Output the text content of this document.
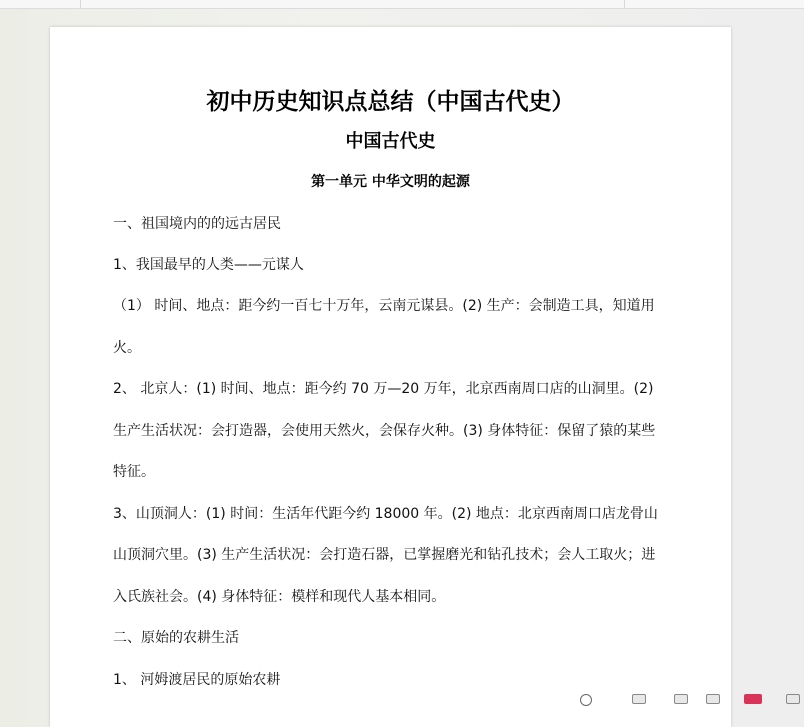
初中历史知识点总结（中国古代史）
中国古代史
第一单元 中华文明的起源
一、祖国境内的的远古居民
1、我国最早的人类——元谋人
（1） 时间、地点：距今约一百七十万年，云南元谋县。(2) 生产：会制造工具，知道用
火。
2、 北京人：(1) 时间、地点：距今约 70 万—20 万年，北京西南周口店的山洞里。(2)
生产生活状况：会打造器，会使用天然火，会保存火种。(3) 身体特征：保留了猿的某些
特征。
3、山顶洞人：(1) 时间：生活年代距今约 18000 年。(2) 地点：北京西南周口店龙骨山
山顶洞穴里。(3) 生产生活状况：会打造石器，已掌握磨光和钻孔技术；会人工取火；进
入氏族社会。(4) 身体特征：模样和现代人基本相同。
二、原始的农耕生活
1、 河姆渡居民的原始农耕
